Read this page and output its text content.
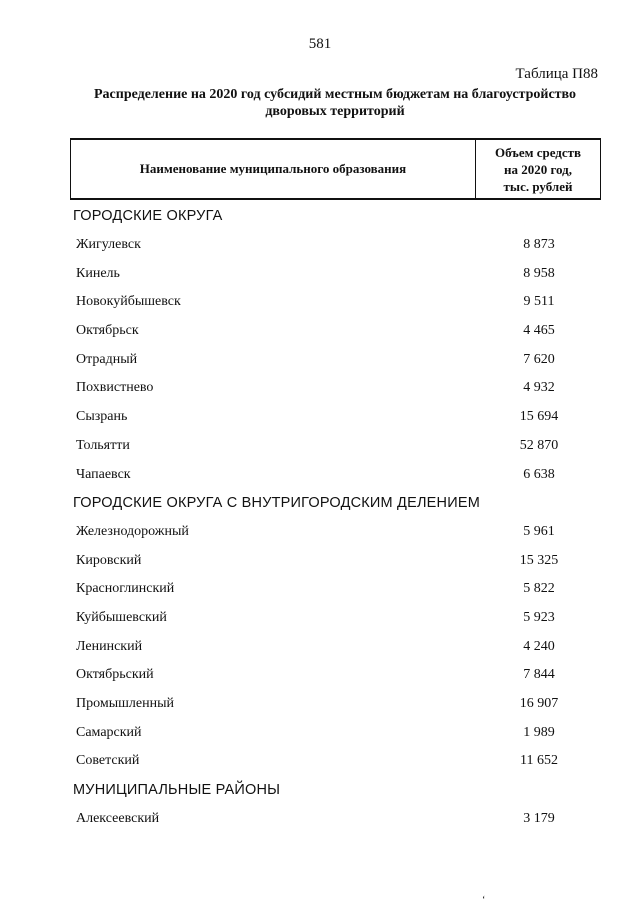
581
Таблица П88
Распределение на 2020 год субсидий местным бюджетам на благоустройство дворовых территорий
Наименование муниципального образования
Объем средств
на 2020 год,
тыс. рублей
ГОРОДСКИЕ ОКРУГА
Жигулевск	8 873
Кинель	8 958
Новокуйбышевск	9 511
Октябрьск	4 465
Отрадный	7 620
Похвистнево	4 932
Сызрань	15 694
Тольятти	52 870
Чапаевск	6 638
ГОРОДСКИЕ ОКРУГА С ВНУТРИГОРОДСКИМ ДЕЛЕНИЕМ
Железнодорожный	5 961
Кировский	15 325
Красноглинский	5 822
Куйбышевский	5 923
Ленинский	4 240
Октябрьский	7 844
Промышленный	16 907
Самарский	1 989
Советский	11 652
МУНИЦИПАЛЬНЫЕ РАЙОНЫ
Алексеевский	3 179
ʻ
